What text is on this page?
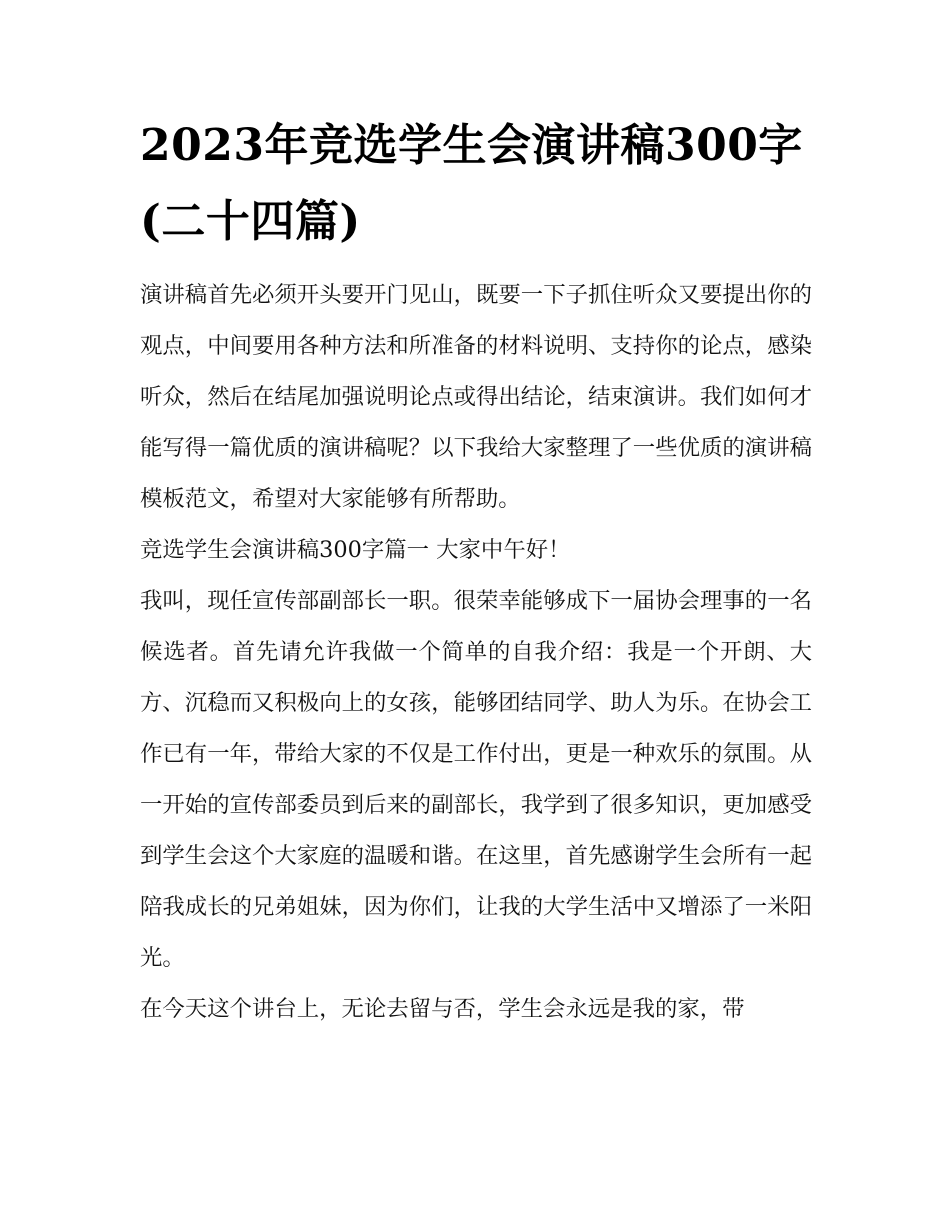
2023年竞选学生会演讲稿300字(二十四篇)

演讲稿首先必须开头要开门见山，既要一下子抓住听众又要提出你的观点，中间要用各种方法和所准备的材料说明、支持你的论点，感染听众，然后在结尾加强说明论点或得出结论，结束演讲。我们如何才能写得一篇优质的演讲稿呢？以下我给大家整理了一些优质的演讲稿模板范文，希望对大家能够有所帮助。

竞选学生会演讲稿300字篇一 大家中午好！

我叫，现任宣传部副部长一职。很荣幸能够成下一届协会理事的一名候选者。首先请允许我做一个简单的自我介绍：我是一个开朗、大方、沉稳而又积极向上的女孩，能够团结同学、助人为乐。在协会工作已有一年，带给大家的不仅是工作付出，更是一种欢乐的氛围。从一开始的宣传部委员到后来的副部长，我学到了很多知识，更加感受到学生会这个大家庭的温暖和谐。在这里，首先感谢学生会所有一起陪我成长的兄弟姐妹，因为你们，让我的大学生活中又增添了一米阳光。

在今天这个讲台上，无论去留与否，学生会永远是我的家，带
